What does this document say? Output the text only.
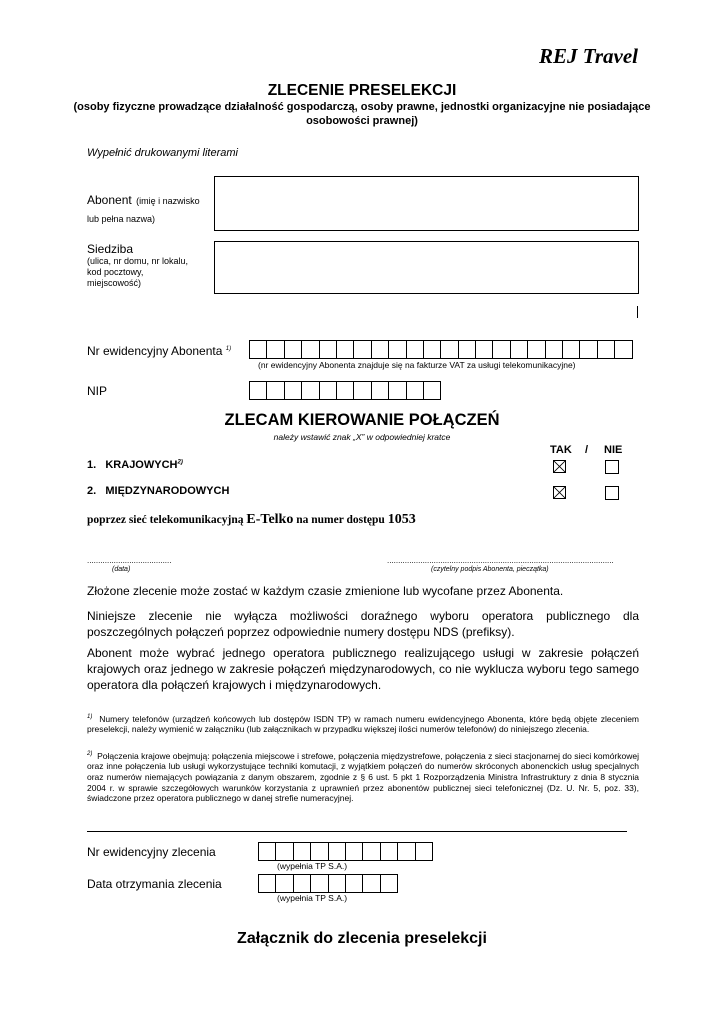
REJ Travel
ZLECENIE PRESELEKCJI
(osoby fizyczne prowadzące działalność gospodarczą, osoby prawne, jednostki organizacyjne nie posiadające osobowości prawnej)
Wypełnić drukowanymi literami
Abonent (imię i nazwisko
lub pełna nazwa)
Siedziba
(ulica, nr domu, nr lokalu,
kod pocztowy,
miejscowość)
Nr ewidencyjny Abonenta $^{1)}$
(nr ewidencyjny Abonenta znajduje się na fakturze VAT za usługi telekomunikacyjne)
NIP
ZLECAM KIEROWANIE POŁĄCZEŃ
należy wstawić znak „X” w odpowiedniej kratce
TAK / NIE
1. KRAJOWYCH$^{2)}$
2. MIĘDZYNARODOWYCH
poprzez sieć telekomunikacyjną E-Telko na numer dostępu 1053
......................................
(data)
......................................................................................................
(czytelny podpis Abonenta, pieczątka)
Złożone zlecenie może zostać w każdym czasie zmienione lub wycofane przez Abonenta.
Niniejsze zlecenie nie wyłącza możliwości doraźnego wyboru operatora publicznego dla poszczególnych połączeń poprzez odpowiednie numery dostępu NDS (prefiksy).
Abonent może wybrać jednego operatora publicznego realizującego usługi w zakresie połączeń krajowych oraz jednego w zakresie połączeń międzynarodowych, co nie wyklucza wyboru tego samego operatora dla połączeń krajowych i międzynarodowych.
$^{1)}$ Numery telefonów (urządzeń końcowych lub dostępów ISDN TP) w ramach numeru ewidencyjnego Abonenta, które będą objęte zleceniem preselekcji, należy wymienić w załączniku (lub załącznikach w przypadku większej ilości numerów telefonów) do niniejszego zlecenia.
$^{2)}$ Połączenia krajowe obejmują: połączenia miejscowe i strefowe, połączenia międzystrefowe, połączenia z sieci stacjonarnej do sieci komórkowej oraz inne połączenia lub usługi wykorzystujące techniki komutacji, z wyjątkiem połączeń do numerów skróconych abonenckich usług specjalnych oraz numerów niemających powiązania z danym obszarem, zgodnie z § 6 ust. 5 pkt 1 Rozporządzenia Ministra Infrastruktury z dnia 8 stycznia 2004 r. w sprawie szczegółowych warunków korzystania z uprawnień przez abonentów publicznej sieci telefonicznej (Dz. U. Nr. 5, poz. 33), świadczone przez operatora publicznego w danej strefie numeracyjnej.
Nr ewidencyjny zlecenia
(wypełnia TP S.A.)
Data otrzymania zlecenia
(wypełnia TP S.A.)
Załącznik do zlecenia preselekcji
